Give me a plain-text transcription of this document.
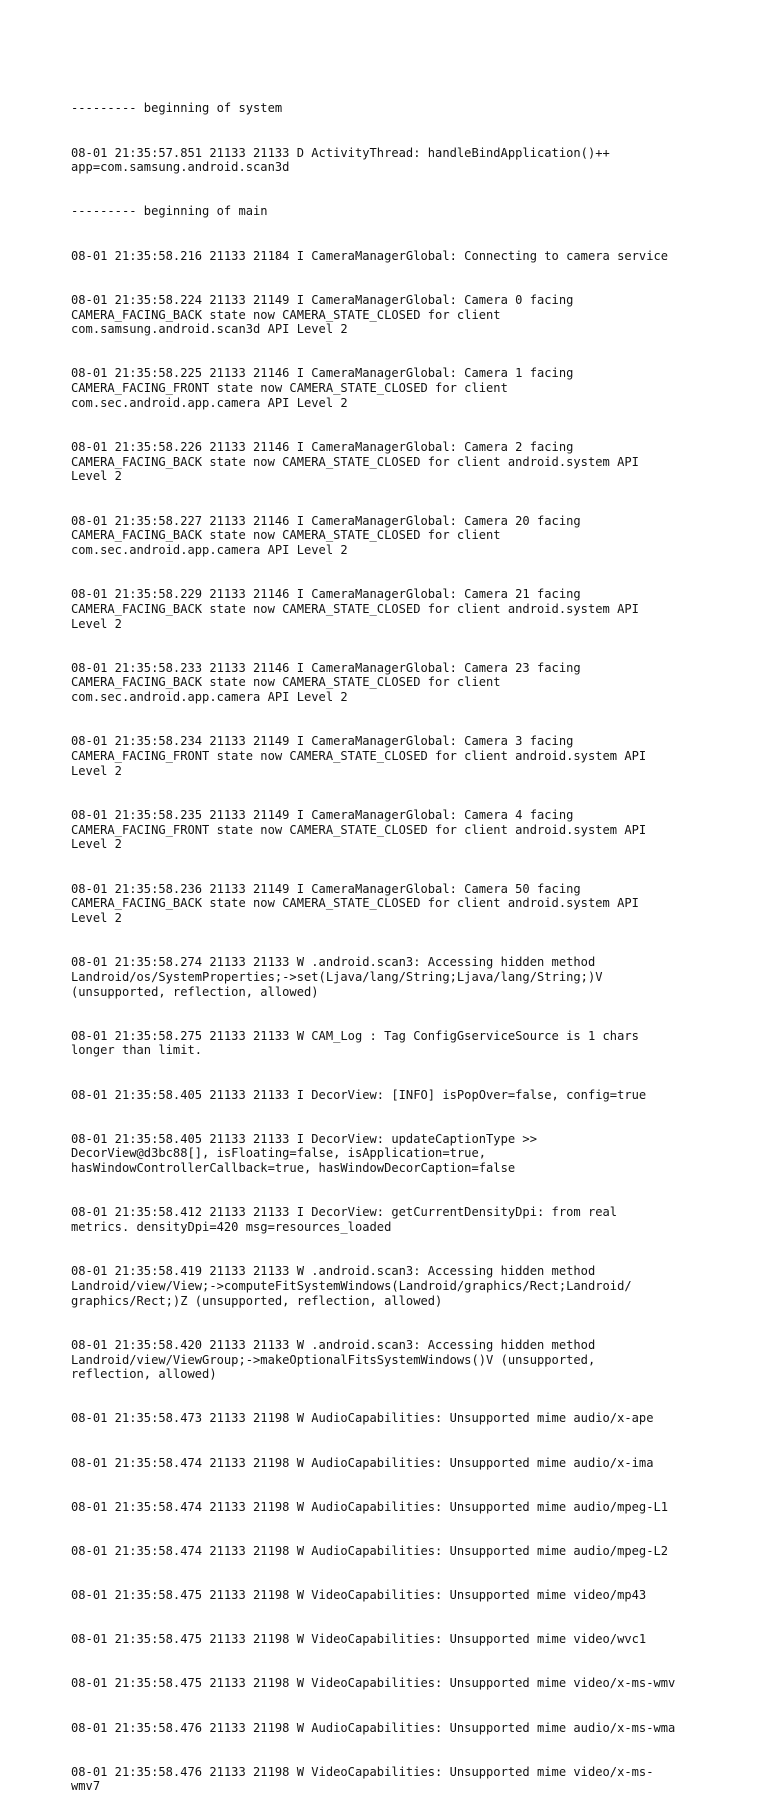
--------- beginning of system

08-01 21:35:57.851 21133 21133 D ActivityThread: handleBindApplication()++
app=com.samsung.android.scan3d

--------- beginning of main

08-01 21:35:58.216 21133 21184 I CameraManagerGlobal: Connecting to camera service

08-01 21:35:58.224 21133 21149 I CameraManagerGlobal: Camera 0 facing
CAMERA_FACING_BACK state now CAMERA_STATE_CLOSED for client
com.samsung.android.scan3d API Level 2

08-01 21:35:58.225 21133 21146 I CameraManagerGlobal: Camera 1 facing
CAMERA_FACING_FRONT state now CAMERA_STATE_CLOSED for client
com.sec.android.app.camera API Level 2

08-01 21:35:58.226 21133 21146 I CameraManagerGlobal: Camera 2 facing
CAMERA_FACING_BACK state now CAMERA_STATE_CLOSED for client android.system API
Level 2

08-01 21:35:58.227 21133 21146 I CameraManagerGlobal: Camera 20 facing
CAMERA_FACING_BACK state now CAMERA_STATE_CLOSED for client
com.sec.android.app.camera API Level 2

08-01 21:35:58.229 21133 21146 I CameraManagerGlobal: Camera 21 facing
CAMERA_FACING_BACK state now CAMERA_STATE_CLOSED for client android.system API
Level 2

08-01 21:35:58.233 21133 21146 I CameraManagerGlobal: Camera 23 facing
CAMERA_FACING_BACK state now CAMERA_STATE_CLOSED for client
com.sec.android.app.camera API Level 2

08-01 21:35:58.234 21133 21149 I CameraManagerGlobal: Camera 3 facing
CAMERA_FACING_FRONT state now CAMERA_STATE_CLOSED for client android.system API
Level 2

08-01 21:35:58.235 21133 21149 I CameraManagerGlobal: Camera 4 facing
CAMERA_FACING_FRONT state now CAMERA_STATE_CLOSED for client android.system API
Level 2

08-01 21:35:58.236 21133 21149 I CameraManagerGlobal: Camera 50 facing
CAMERA_FACING_BACK state now CAMERA_STATE_CLOSED for client android.system API
Level 2

08-01 21:35:58.274 21133 21133 W .android.scan3: Accessing hidden method
Landroid/os/SystemProperties;->set(Ljava/lang/String;Ljava/lang/String;)V
(unsupported, reflection, allowed)

08-01 21:35:58.275 21133 21133 W CAM_Log : Tag ConfigGserviceSource is 1 chars
longer than limit.

08-01 21:35:58.405 21133 21133 I DecorView: [INFO] isPopOver=false, config=true

08-01 21:35:58.405 21133 21133 I DecorView: updateCaptionType >>
DecorView@d3bc88[], isFloating=false, isApplication=true,
hasWindowControllerCallback=true, hasWindowDecorCaption=false

08-01 21:35:58.412 21133 21133 I DecorView: getCurrentDensityDpi: from real
metrics. densityDpi=420 msg=resources_loaded

08-01 21:35:58.419 21133 21133 W .android.scan3: Accessing hidden method
Landroid/view/View;->computeFitSystemWindows(Landroid/graphics/Rect;Landroid/
graphics/Rect;)Z (unsupported, reflection, allowed)

08-01 21:35:58.420 21133 21133 W .android.scan3: Accessing hidden method
Landroid/view/ViewGroup;->makeOptionalFitsSystemWindows()V (unsupported,
reflection, allowed)

08-01 21:35:58.473 21133 21198 W AudioCapabilities: Unsupported mime audio/x-ape

08-01 21:35:58.474 21133 21198 W AudioCapabilities: Unsupported mime audio/x-ima

08-01 21:35:58.474 21133 21198 W AudioCapabilities: Unsupported mime audio/mpeg-L1

08-01 21:35:58.474 21133 21198 W AudioCapabilities: Unsupported mime audio/mpeg-L2

08-01 21:35:58.475 21133 21198 W VideoCapabilities: Unsupported mime video/mp43

08-01 21:35:58.475 21133 21198 W VideoCapabilities: Unsupported mime video/wvc1

08-01 21:35:58.475 21133 21198 W VideoCapabilities: Unsupported mime video/x-ms-wmv

08-01 21:35:58.476 21133 21198 W AudioCapabilities: Unsupported mime audio/x-ms-wma

08-01 21:35:58.476 21133 21198 W VideoCapabilities: Unsupported mime video/x-ms-
wmv7
